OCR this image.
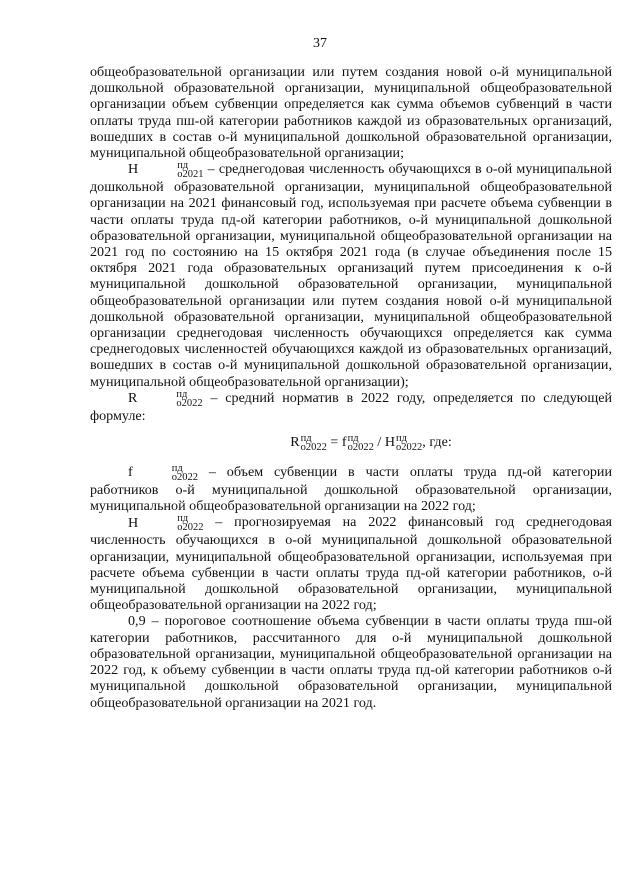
37

общеобразовательной организации или путем создания новой о-й муниципальной дошкольной образовательной организации, муниципальной общеобразовательной организации объем субвенции определяется как сумма объемов субвенций в части оплаты труда пш-ой категории работников каждой из образовательных организаций, вошедших в состав о-й муниципальной дошкольной образовательной организации, муниципальной общеобразовательной организации;

Н	пд
o2021 – среднегодовая численность обучающихся в о-ой муниципальной дошкольной образовательной организации, муниципальной общеобразовательной организации на 2021 финансовый год, используемая при расчете объема субвенции в части оплаты труда пд-ой категории работников, о-й муниципальной дошкольной образовательной организации, муниципальной общеобразовательной организации на 2021 год по состоянию на 15 октября 2021 года (в случае объединения после 15 октября 2021 года образовательных организаций путем присоединения к о-й муниципальной дошкольной образовательной организации, муниципальной общеобразовательной организации или путем создания новой о-й муниципальной дошкольной образовательной организации, муниципальной общеобразовательной организации среднегодовая численность обучающихся определяется как сумма среднегодовых численностей обучающихся каждой из образовательных организаций, вошедших в состав о-й муниципальной дошкольной образовательной организации, муниципальной общеобразовательной организации);

R	пд
o2022 – средний норматив в 2022 году, определяется по следующей формуле:

R пд
o2022 = f пд
o2022 / Н пд
o2022 , где:

f	пд
o2022 – объем субвенции в части оплаты труда пд-ой категории работников о-й муниципальной дошкольной образовательной организации, муниципальной общеобразовательной организации на 2022 год;

Н	пд
o2022 – прогнозируемая на 2022 финансовый год среднегодовая численность обучающихся в о-ой муниципальной дошкольной образовательной организации, муниципальной общеобразовательной организации, используемая при расчете объема субвенции в части оплаты труда пд-ой категории работников, о-й муниципальной дошкольной образовательной организации, муниципальной общеобразовательной организации на 2022 год;

0,9 – пороговое соотношение объема субвенции в части оплаты труда пш-ой категории работников, рассчитанного для о-й муниципальной дошкольной образовательной организации, муниципальной общеобразовательной организации на 2022 год, к объему субвенции в части оплаты труда пд-ой категории работников о-й муниципальной дошкольной образовательной организации, муниципальной общеобразовательной организации на 2021 год.
